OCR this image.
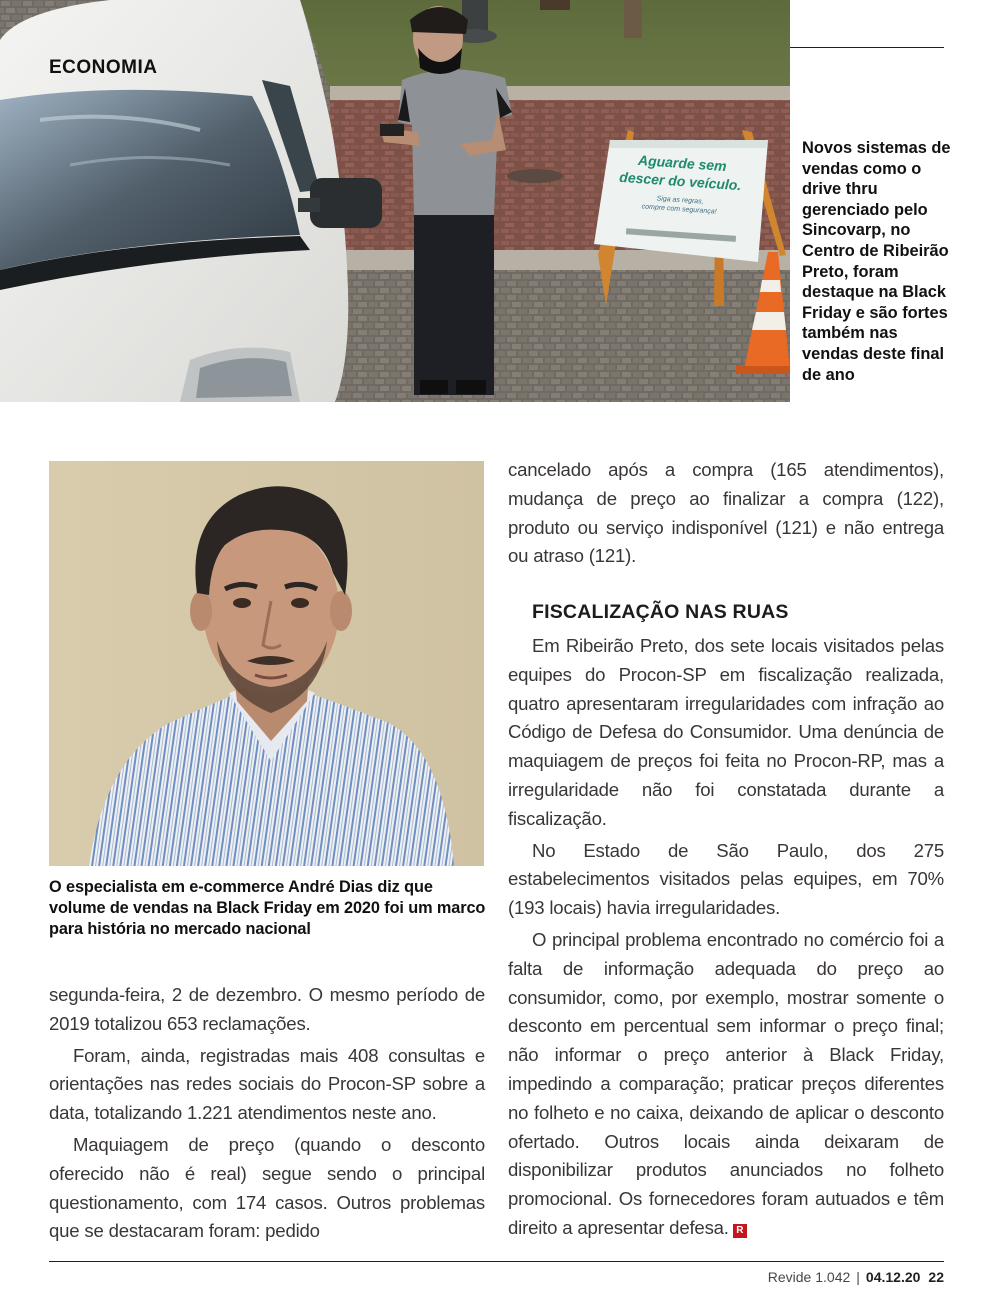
Aguarde sem
descer do veículo.
Siga as regras,
compre com segurança!
ECONOMIA
Novos sistemas de vendas como o drive thru gerenciado pelo Sincovarp, no Centro de Ribeirão Preto, foram destaque na Black Friday e são fortes também nas vendas deste final de ano
O especialista em e-commerce André Dias diz que volume de vendas na Black Friday em 2020 foi um marco para história no mercado nacional

segunda-feira, 2 de dezembro. O mesmo período de 2019 totalizou 653 reclamações.

Foram, ainda, registradas mais 408 consultas e orientações nas redes sociais do Procon-SP sobre a data, totalizando 1.221 atendimentos neste ano.

Maquiagem de preço (quando o desconto oferecido não é real) segue sendo o principal questionamento, com 174 casos. Outros problemas que se destacaram foram: pedido

cancelado após a compra (165 atendimentos), mudança de preço ao finalizar a compra (122), produto ou serviço indisponível (121) e não entrega ou atraso (121).

FISCALIZAÇÃO NAS RUAS

Em Ribeirão Preto, dos sete locais visitados pelas equipes do Procon-SP em fiscalização realizada, quatro apresentaram irregularidades com infração ao Código de Defesa do Consumidor. Uma denúncia de maquiagem de preços foi feita no Procon-RP, mas a irregularidade não foi constatada durante a fiscalização.

No Estado de São Paulo, dos 275 estabelecimentos visitados pelas equipes, em 70% (193 locais) havia irregularidades.

O principal problema encontrado no comércio foi a falta de informação adequada do preço ao consumidor, como, por exemplo, mostrar somente o desconto em percentual sem informar o preço final; não informar o preço anterior à Black Friday, impedindo a comparação; praticar preços diferentes no folheto e no caixa, deixando de aplicar o desconto ofertado. Outros locais ainda deixaram de disponibilizar produtos anunciados no folheto promocional. Os fornecedores foram autuados e têm direito a apresentar defesa. R

Revide 1.042 | 04.12.20 22
